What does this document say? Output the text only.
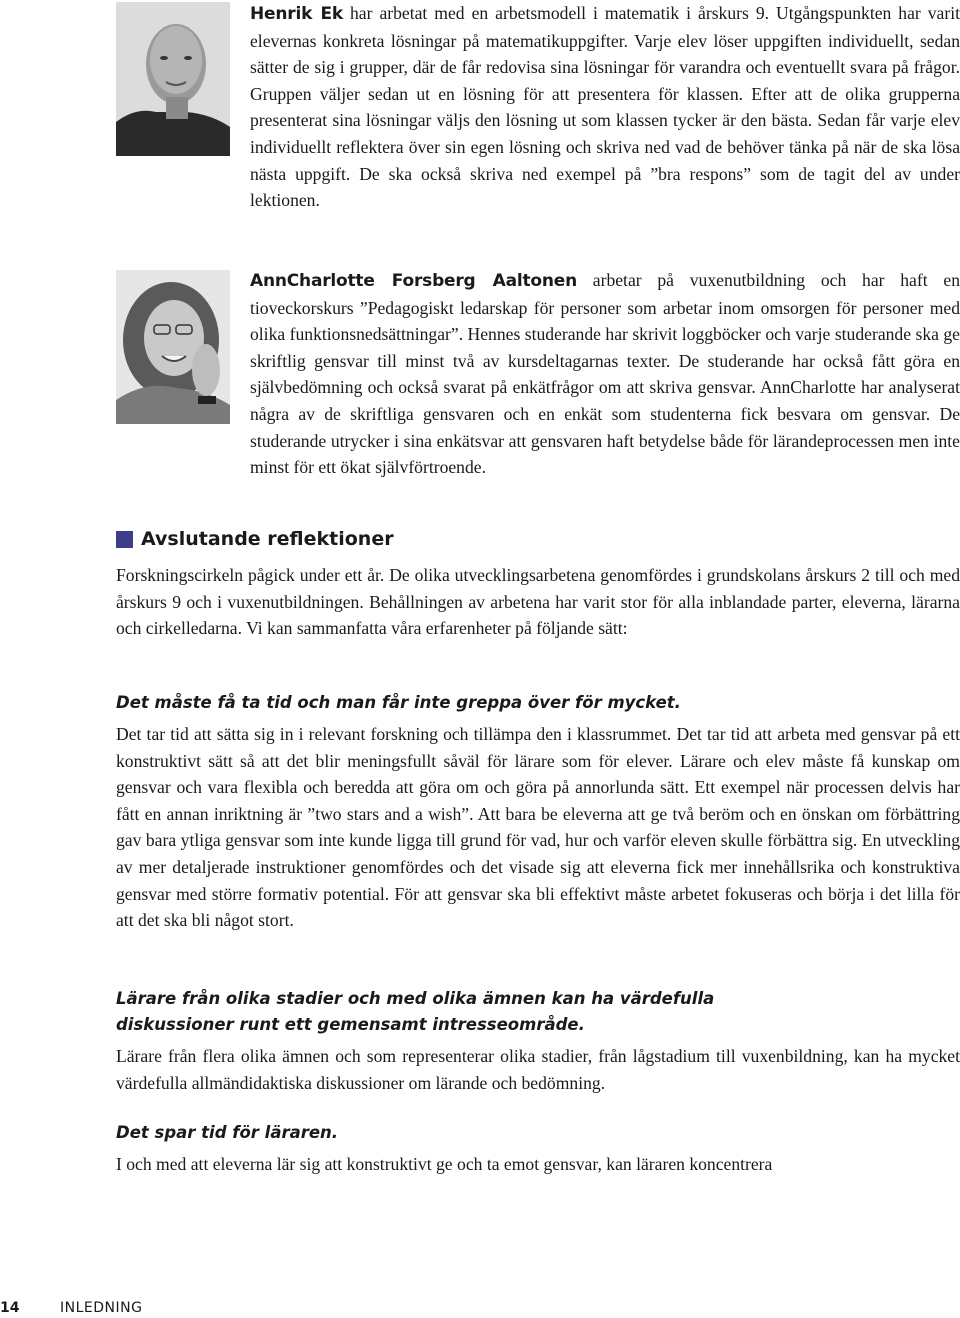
Henrik Ek har arbetat med en arbetsmodell i matematik i årskurs 9. Utgångspunkten har varit elevernas konkreta lösningar på matematikuppgifter. Varje elev löser uppgiften individuellt, sedan sätter de sig i grupper, där de får redovisa sina lösningar för varandra och eventuellt svara på frågor. Gruppen väljer sedan ut en lösning för att presentera för klassen. Efter att de olika grupperna presenterat sina lösningar väljs den lösning ut som klassen tycker är den bästa. Sedan får varje elev individuellt reflektera över sin egen lösning och skriva ned vad de behöver tänka på när de ska lösa nästa uppgift. De ska också skriva ned exempel på ”bra respons” som de tagit del av under lektionen.

AnnCharlotte Forsberg Aaltonen arbetar på vuxenutbildning och har haft en tioveckorskurs ”Pedagogiskt ledarskap för personer som arbetar inom omsorgen för personer med olika funktionsnedsättningar”. Hennes studerande har skrivit loggböcker och varje studerande ska ge skriftlig gensvar till minst två av kursdeltagarnas texter. De studerande har också fått göra en självbedömning och också svarat på enkätfrågor om att skriva gensvar. AnnCharlotte har analyserat några av de skriftliga gensvaren och en enkät som studenterna fick besvara om gensvar. De studerande utrycker i sina enkätsvar att gensvaren haft betydelse både för lärandeprocessen men inte minst för ett ökat självförtroende.

Avslutande reflektioner

Forskningscirkeln pågick under ett år. De olika utvecklingsarbetena genomfördes i grundskolans årskurs 2 till och med årskurs 9 och i vuxenutbildningen. Behållningen av arbetena har varit stor för alla inblandade parter, eleverna, lärarna och cirkelledarna. Vi kan sammanfatta våra erfarenheter på följande sätt:

Det måste få ta tid och man får inte greppa över för mycket.

Det tar tid att sätta sig in i relevant forskning och tillämpa den i klassrummet. Det tar tid att arbeta med gensvar på ett konstruktivt sätt så att det blir meningsfullt såväl för lärare som för elever. Lärare och elev måste få kunskap om gensvar och vara flexibla och beredda att göra om och göra på annorlunda sätt. Ett exempel när processen delvis har fått en annan inriktning är ”two stars and a wish”. Att bara be eleverna att ge två beröm och en önskan om förbättring gav bara ytliga gensvar som inte kunde ligga till grund för vad, hur och varför eleven skulle förbättra sig. En utveckling av mer detaljerade instruktioner genomfördes och det visade sig att eleverna fick mer innehållsrika och konstruktiva gensvar med större formativ potential. För att gensvar ska bli effektivt måste arbetet fokuseras och börja i det lilla för att det ska bli något stort.

Lärare från olika stadier och med olika ämnen kan ha värdefulla diskussioner runt ett gemensamt intresseområde.

Lärare från flera olika ämnen och som representerar olika stadier, från lågstadium till vuxenbildning, kan ha mycket värdefulla allmändidaktiska diskussioner om lärande och bedömning.

Det spar tid för läraren.

I och med att eleverna lär sig att konstruktivt ge och ta emot gensvar, kan läraren koncentrera

14	INLEDNING
